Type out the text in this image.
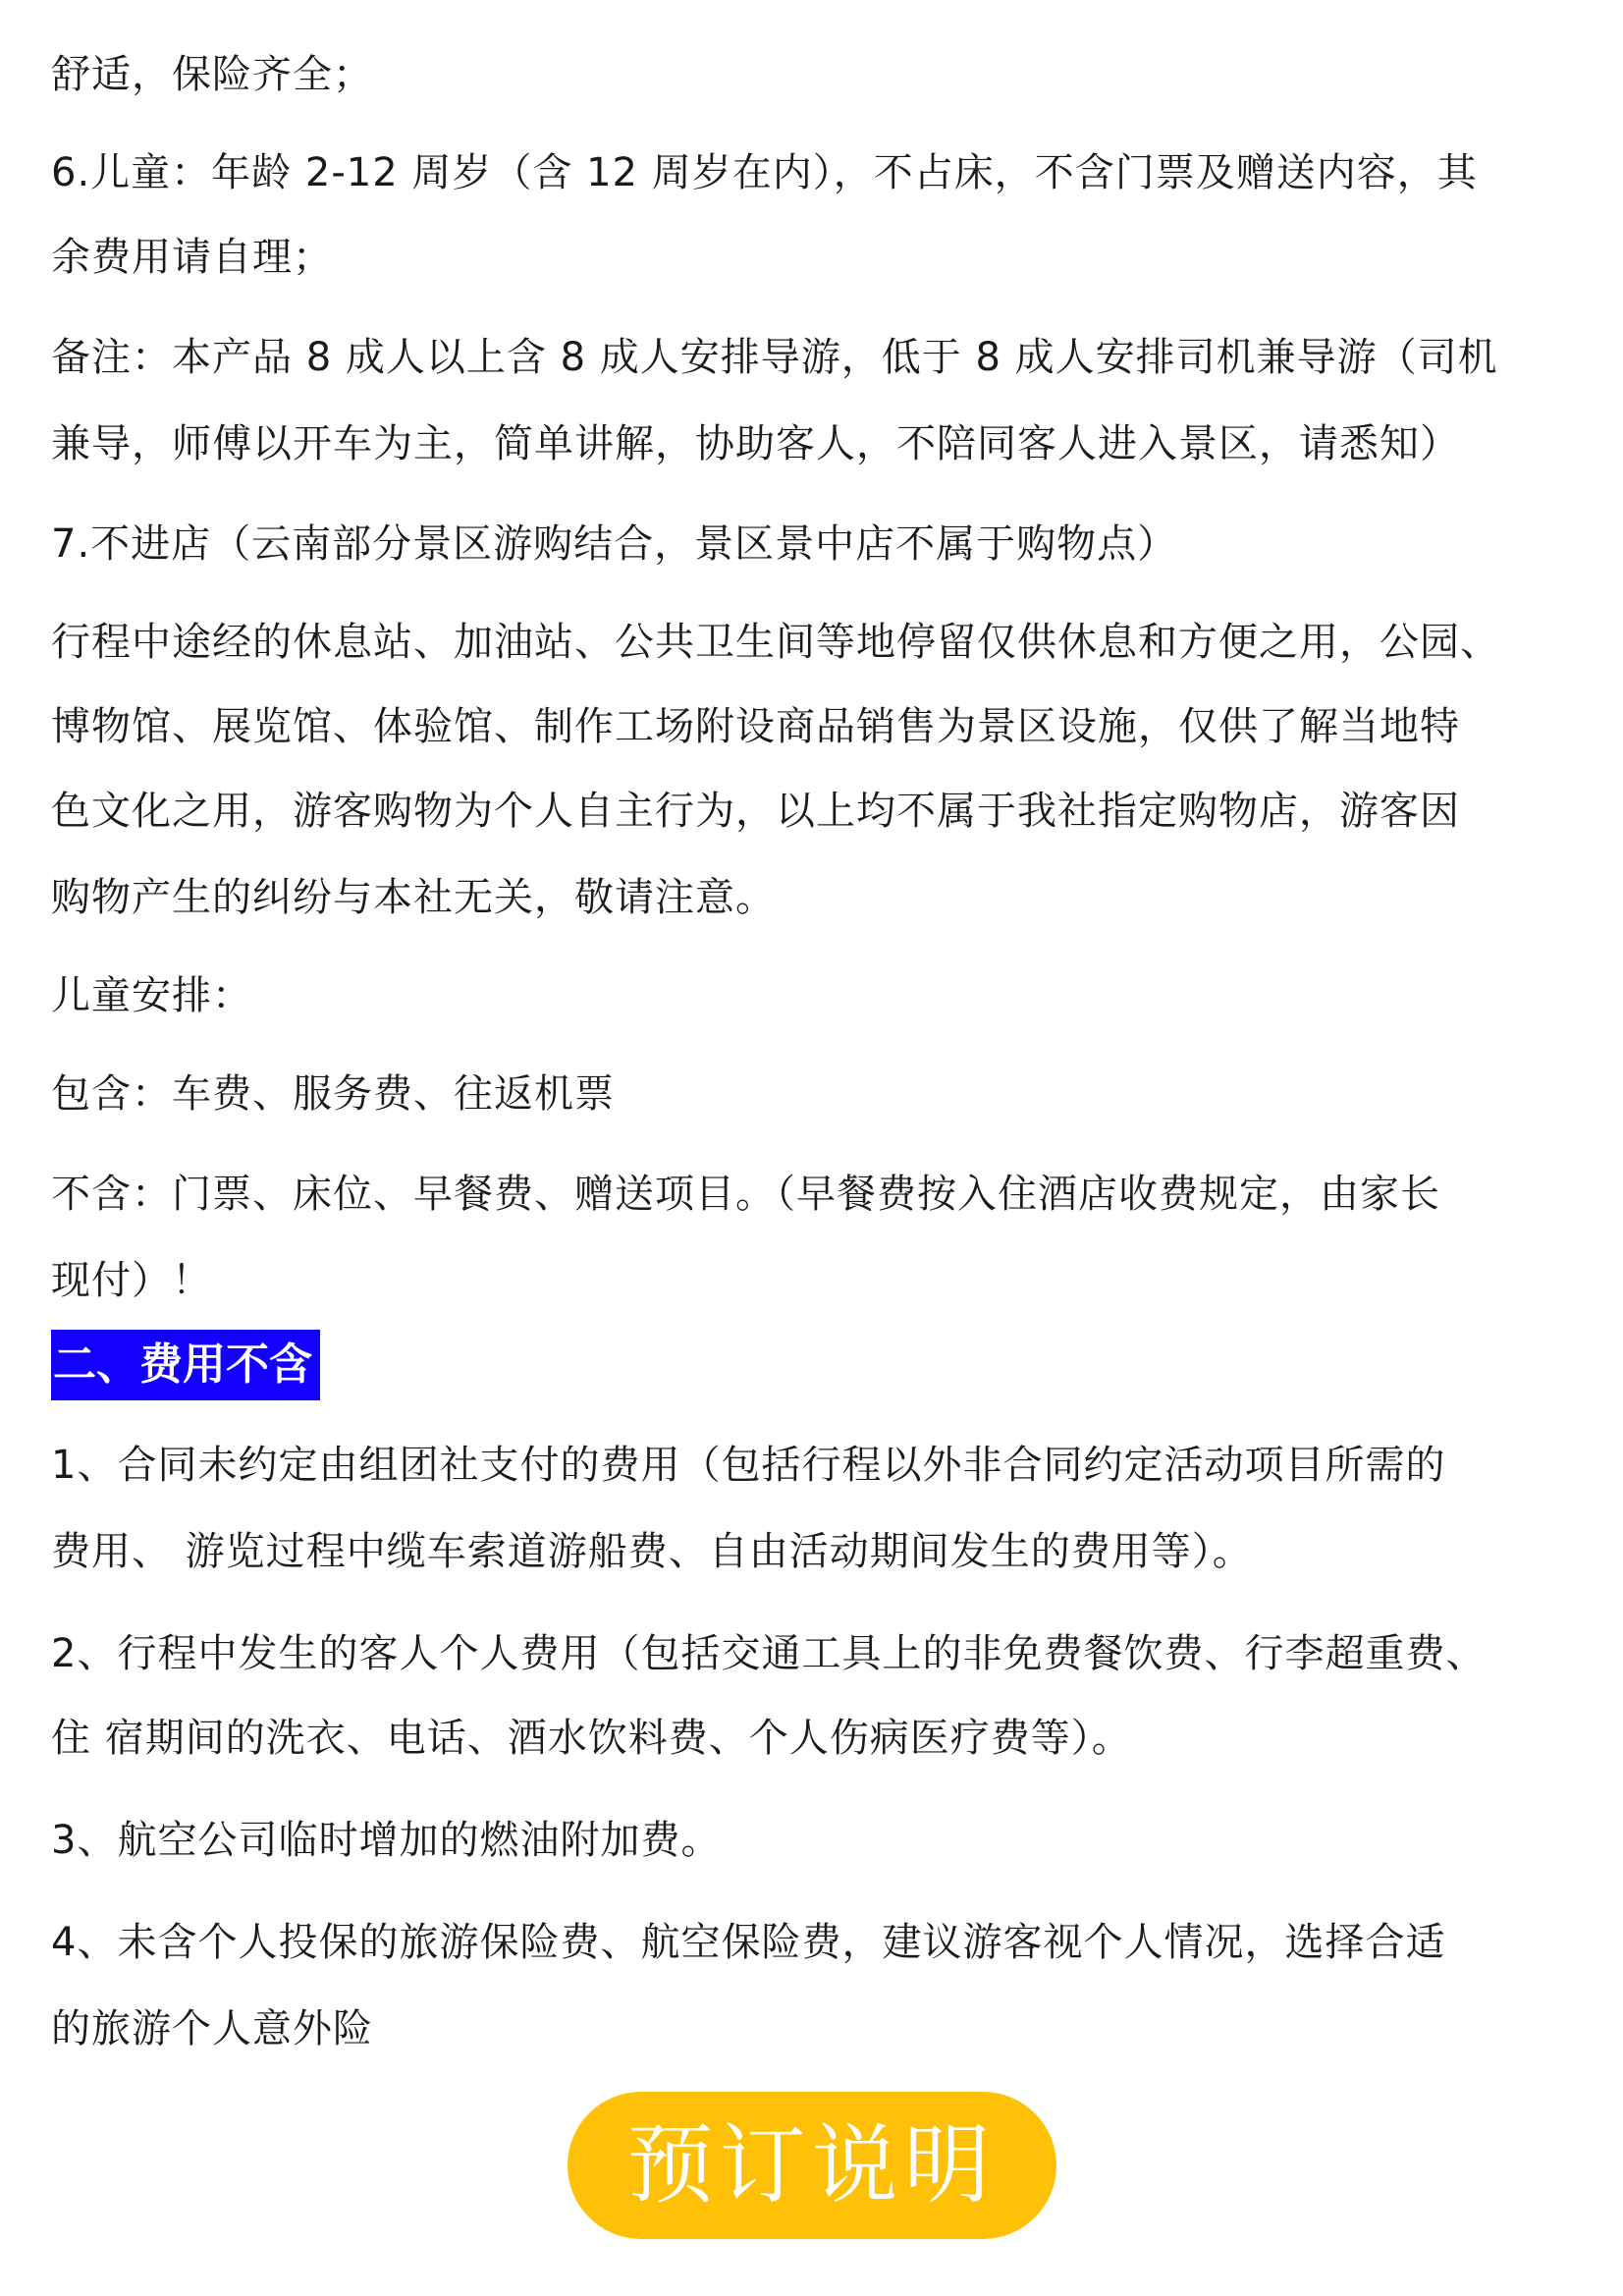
舒适，保险齐全；
6.儿童：年龄 2-12 周岁（含 12 周岁在内），不占床，不含门票及赠送内容，其
余费用请自理；
备注：本产品 8 成人以上含 8 成人安排导游，低于 8 成人安排司机兼导游（司机
兼导，师傅以开车为主，简单讲解，协助客人，不陪同客人进入景区，请悉知）
7.不进店（云南部分景区游购结合，景区景中店不属于购物点）
行程中途经的休息站、加油站、公共卫生间等地停留仅供休息和方便之用，公园、
博物馆、展览馆、体验馆、制作工场附设商品销售为景区设施，仅供了解当地特
色文化之用，游客购物为个人自主行为，以上均不属于我社指定购物店，游客因
购物产生的纠纷与本社无关，敬请注意。
儿童安排：
包含：车费、服务费、往返机票
不含：门票、床位、早餐费、赠送项目。（早餐费按入住酒店收费规定，由家长
现付）！
二、费用不含
1、合同未约定由组团社支付的费用（包括行程以外非合同约定活动项目所需的
费用、 游览过程中缆车索道游船费、自由活动期间发生的费用等）。
2、行程中发生的客人个人费用（包括交通工具上的非免费餐饮费、行李超重费、
住 宿期间的洗衣、电话、酒水饮料费、个人伤病医疗费等）。
3、航空公司临时增加的燃油附加费。
4、未含个人投保的旅游保险费、航空保险费，建议游客视个人情况，选择合适
的旅游个人意外险
预订说明
